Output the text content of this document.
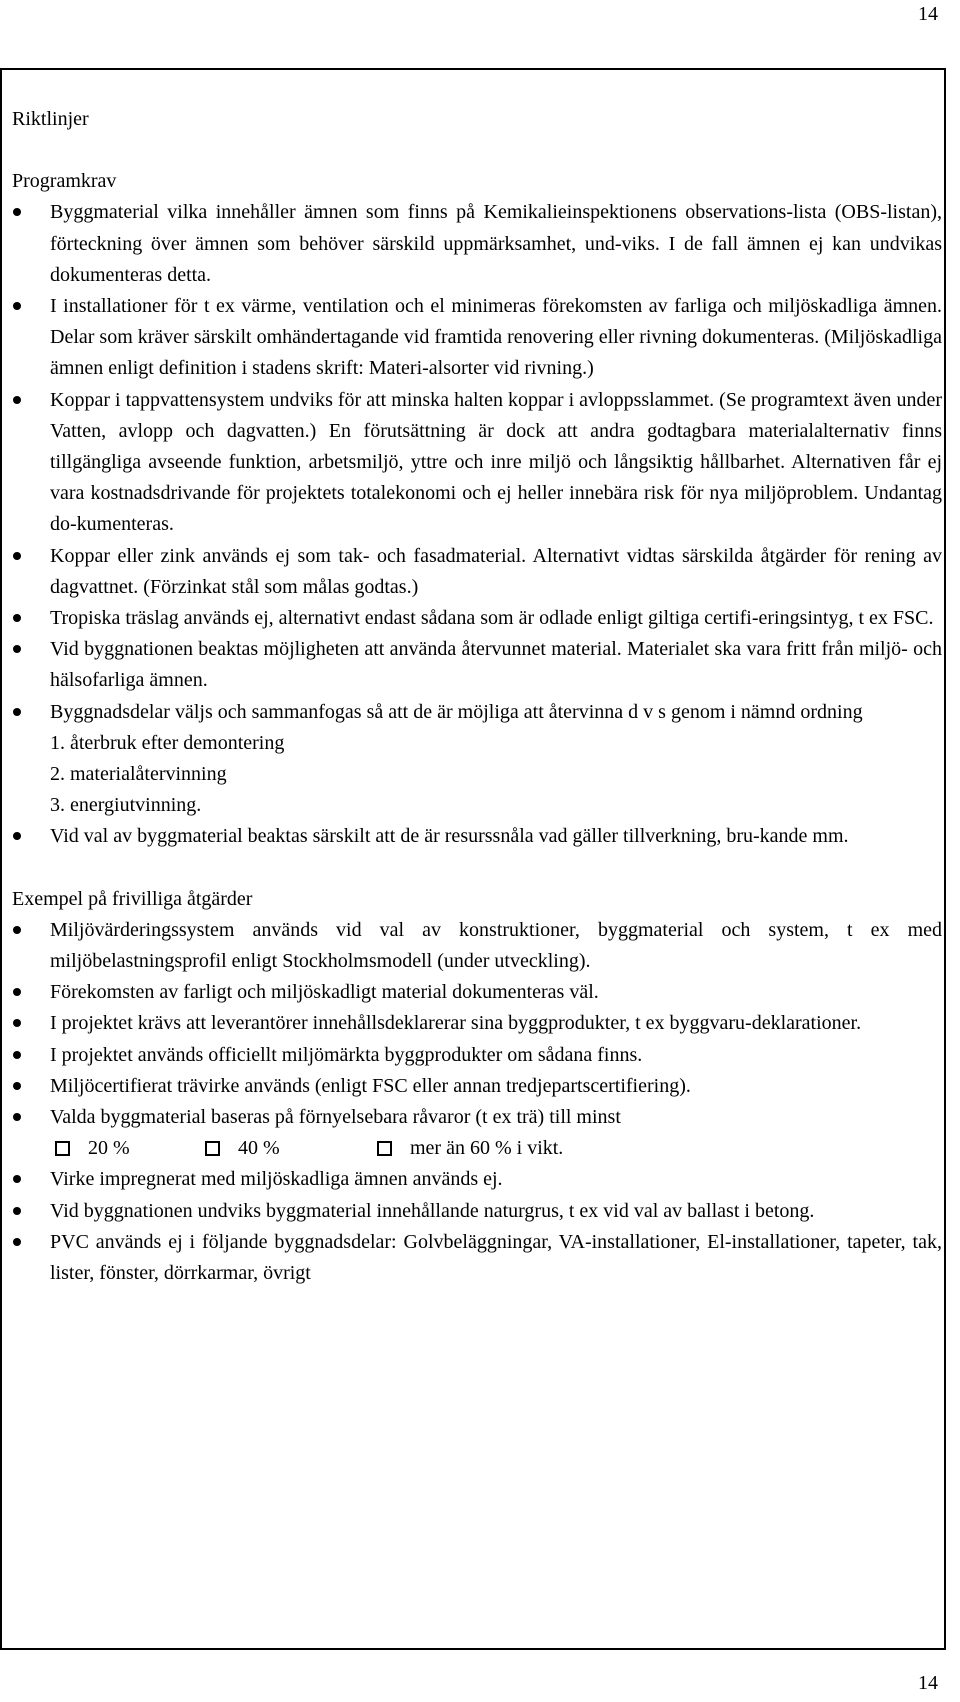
14
Riktlinjer
Programkrav
Byggmaterial vilka innehåller ämnen som finns på Kemikalieinspektionens observations-lista (OBS-listan), förteckning över ämnen som behöver särskild uppmärksamhet, und-viks. I de fall ämnen ej kan undvikas dokumenteras detta.
I installationer för t ex värme, ventilation och el minimeras förekomsten av farliga och miljöskadliga ämnen. Delar som kräver särskilt omhändertagande vid framtida renovering eller rivning dokumenteras. (Miljöskadliga ämnen enligt definition i stadens skrift: Materi-alsorter vid rivning.)
Koppar i tappvattensystem undviks för att minska halten koppar i avloppsslammet. (Se programtext även under Vatten, avlopp och dagvatten.) En förutsättning är dock att andra godtagbara materialalternativ finns tillgängliga avseende funktion, arbetsmiljö, yttre och inre miljö och långsiktig hållbarhet. Alternativen får ej vara kostnadsdrivande för projektets totalekonomi och ej heller innebära risk för nya miljöproblem. Undantag do-kumenteras.
Koppar eller zink används ej som tak- och fasadmaterial. Alternativt vidtas särskilda åtgärder för rening av dagvattnet. (Förzinkat stål som målas godtas.)
Tropiska träslag används ej, alternativt endast sådana som är odlade enligt giltiga certifi-eringsintyg, t ex FSC.
Vid byggnationen beaktas möjligheten att använda återvunnet material. Materialet ska vara fritt från miljö- och hälsofarliga ämnen.
Byggnadsdelar väljs och sammanfogas så att de är möjliga att återvinna d v s genom i nämnd ordning
1. återbruk efter demontering
2. materialåtervinning
3. energiutvinning.
Vid val av byggmaterial beaktas särskilt att de är resurssnåla vad gäller tillverkning, bru-kande mm.
Exempel på frivilliga åtgärder
Miljövärderingssystem används vid val av konstruktioner, byggmaterial och system, t ex med miljöbelastningsprofil enligt Stockholmsmodell (under utveckling).
Förekomsten av farligt och miljöskadligt material dokumenteras väl.
I projektet krävs att leverantörer innehållsdeklarerar sina byggprodukter, t ex byggvaru-deklarationer.
I projektet används officiellt miljömärkta byggprodukter om sådana finns.
Miljöcertifierat trävirke används (enligt FSC eller annan tredjepartscertifiering).
Valda byggmaterial baseras på förnyelsebara råvaror (t ex trä) till minst
20 %	40 %	mer än 60 % i vikt.
Virke impregnerat med miljöskadliga ämnen används ej.
Vid byggnationen undviks byggmaterial innehållande naturgrus, t ex vid val av ballast i betong.
PVC används ej i följande byggnadsdelar: Golvbeläggningar, VA-installationer, El-installationer, tapeter, tak, lister, fönster, dörrkarmar, övrigt
14
